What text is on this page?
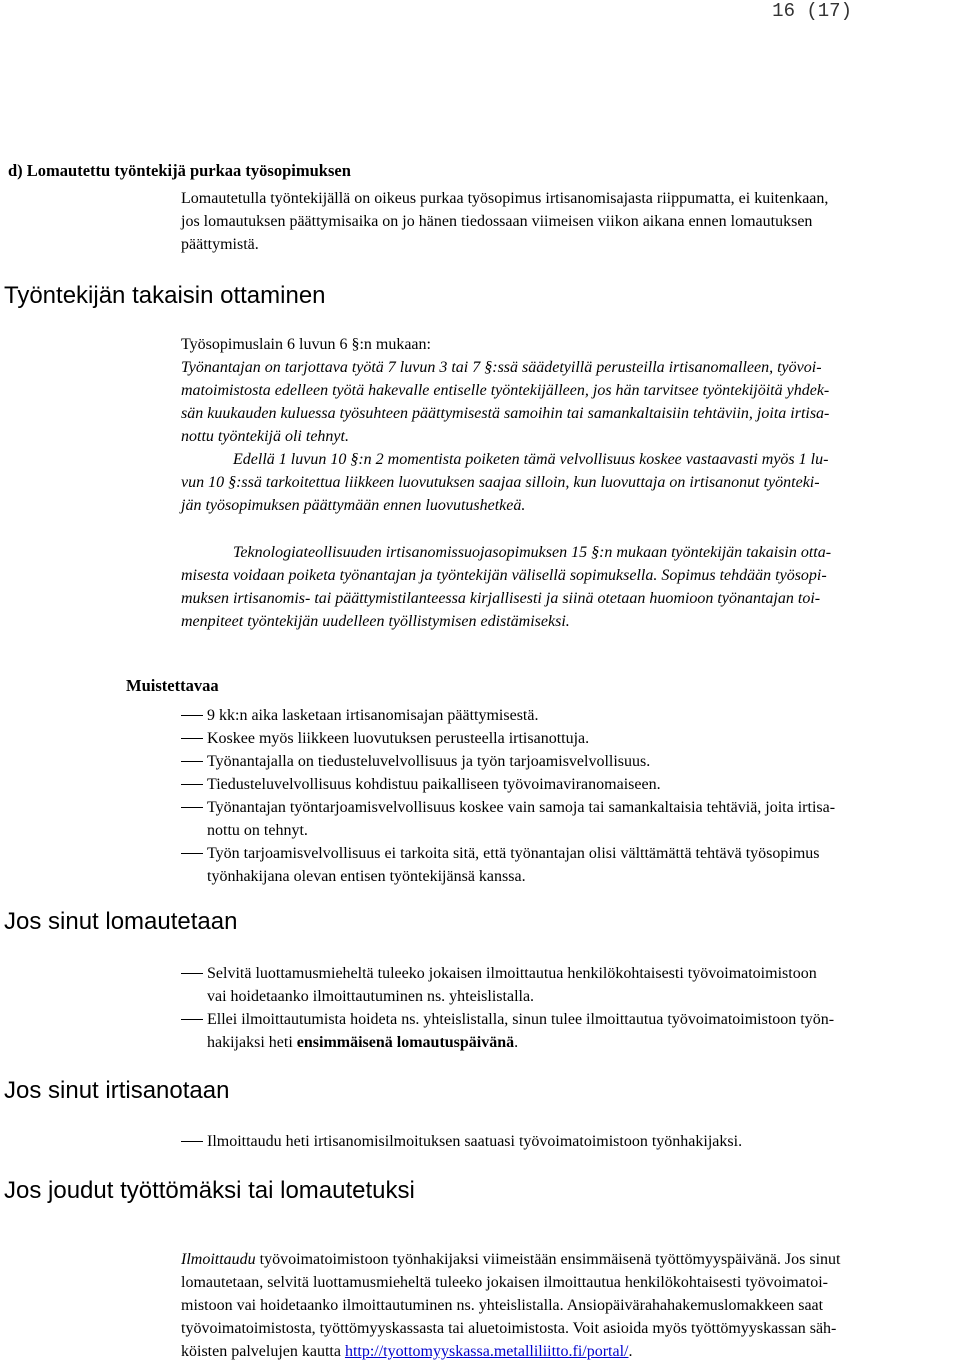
16 (17)
d) Lomautettu työntekijä purkaa työsopimuksen
Lomautetulla työntekijällä on oikeus purkaa työsopimus irtisanomisajasta riippumatta, ei kuitenkaan,
jos lomautuksen päättymisaika on jo hänen tiedossaan viimeisen viikon aikana ennen lomautuksen
päättymistä.
Työntekijän takaisin ottaminen
Työsopimuslain 6 luvun 6 §:n mukaan:
Työnantajan on tarjottava työtä 7 luvun 3 tai 7 §:ssä säädetyillä perusteilla irtisanomalleen, työvoi-
matoimistosta edelleen työtä hakevalle entiselle työntekijälleen, jos hän tarvitsee työntekijöitä yhdek-
sän kuukauden kuluessa työsuhteen päättymisestä samoihin tai samankaltaisiin tehtäviin, joita irtisa-
nottu työntekijä oli tehnyt.
Edellä 1 luvun 10 §:n 2 momentista poiketen tämä velvollisuus koskee vastaavasti myös 1 lu-
vun 10 §:ssä tarkoitettua liikkeen luovutuksen saajaa silloin, kun luovuttaja on irtisanonut työnteki-
jän työsopimuksen päättymään ennen luovutushetkeä.
Teknologiateollisuuden irtisanomissuojasopimuksen 15 §:n mukaan työntekijän takaisin otta-
misesta voidaan poiketa työnantajan ja työntekijän välisellä sopimuksella. Sopimus tehdään työsopi-
muksen irtisanomis- tai päättymistilanteessa kirjallisesti ja siinä otetaan huomioon työnantajan toi-
menpiteet työntekijän uudelleen työllistymisen edistämiseksi.
Muistettavaa
9 kk:n aika lasketaan irtisanomisajan päättymisestä.
Koskee myös liikkeen luovutuksen perusteella irtisanottuja.
Työnantajalla on tiedusteluvelvollisuus ja työn tarjoamisvelvollisuus.
Tiedusteluvelvollisuus kohdistuu paikalliseen työvoimaviranomaiseen.
Työnantajan työntarjoamisvelvollisuus koskee vain samoja tai samankaltaisia tehtäviä, joita irtisa-
nottu on tehnyt.
Työn tarjoamisvelvollisuus ei tarkoita sitä, että työnantajan olisi välttämättä tehtävä työsopimus
työnhakijana olevan entisen työntekijänsä kanssa.
Jos sinut lomautetaan
Selvitä luottamusmieheltä tuleeko jokaisen ilmoittautua henkilökohtaisesti työvoimatoimistoon
vai hoidetaanko ilmoittautuminen ns. yhteislistalla.
Ellei ilmoittautumista hoideta ns. yhteislistalla, sinun tulee ilmoittautua työvoimatoimistoon työn-
hakijaksi heti ensimmäisenä lomautuspäivänä.
Jos sinut irtisanotaan
Ilmoittaudu heti irtisanomisilmoituksen saatuasi työvoimatoimistoon työnhakijaksi.
Jos joudut työttömäksi tai lomautetuksi
Ilmoittaudu työvoimatoimistoon työnhakijaksi viimeistään ensimmäisenä työttömyyspäivänä. Jos sinut
lomautetaan, selvitä luottamusmieheltä tuleeko jokaisen ilmoittautua henkilökohtaisesti työvoimatoi-
mistoon vai hoidetaanko ilmoittautuminen ns. yhteislistalla. Ansiopäivärahahakemuslomakkeen saat
työvoimatoimistosta, työttömyyskassasta tai aluetoimistosta. Voit asioida myös työttömyyskassan säh-
köisten palvelujen kautta http://tyottomyyskassa.metalliliitto.fi/portal/.
